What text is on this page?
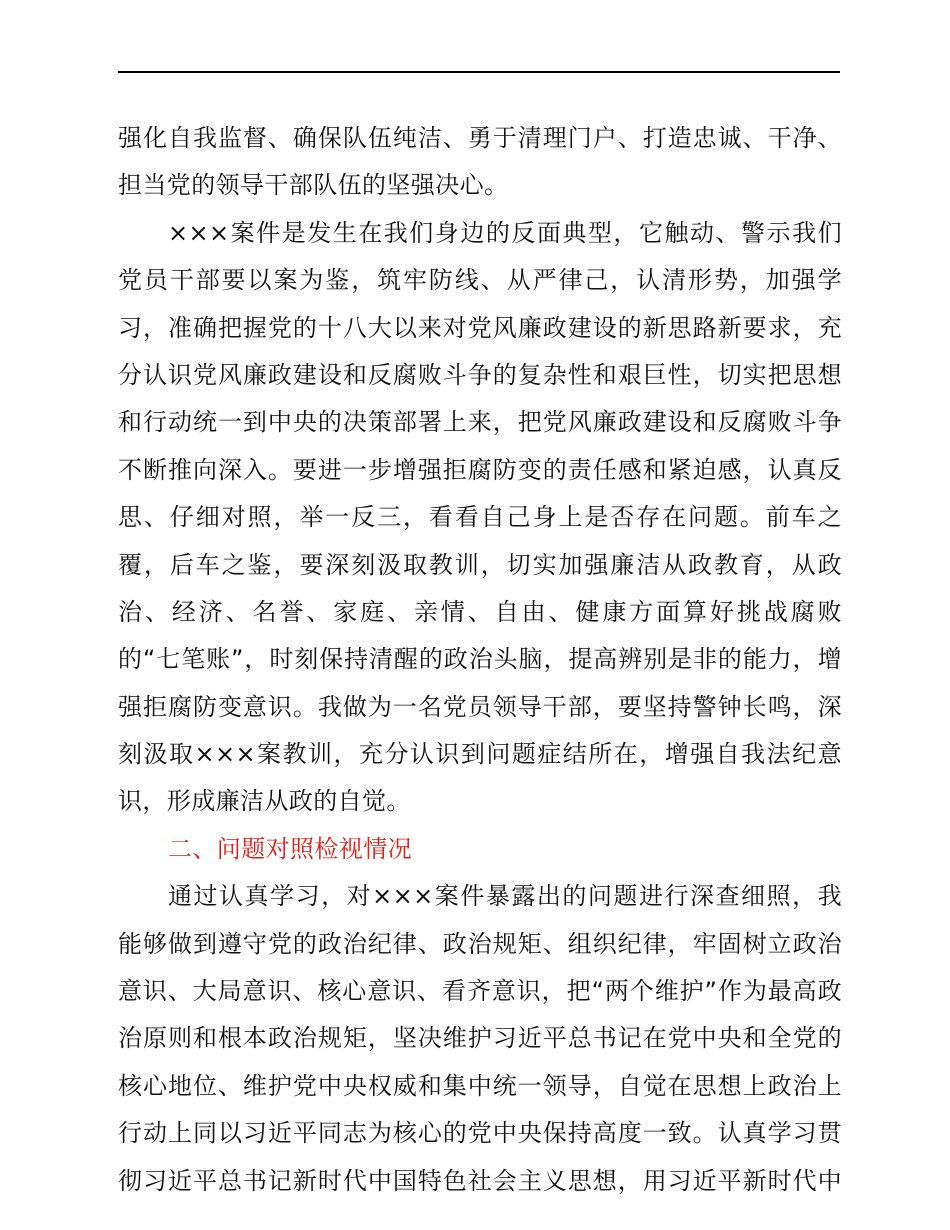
强化自我监督、确保队伍纯洁、勇于清理门户、打造忠诚、干净、
担当党的领导干部队伍的坚强决心。
×××案件是发生在我们身边的反面典型，它触动、警示我们
党员干部要以案为鉴，筑牢防线、从严律己，认清形势，加强学
习，准确把握党的十八大以来对党风廉政建设的新思路新要求，充
分认识党风廉政建设和反腐败斗争的复杂性和艰巨性，切实把思想
和行动统一到中央的决策部署上来，把党风廉政建设和反腐败斗争
不断推向深入。要进一步增强拒腐防变的责任感和紧迫感，认真反
思、仔细对照，举一反三，看看自己身上是否存在问题。前车之
覆，后车之鉴，要深刻汲取教训，切实加强廉洁从政教育，从政
治、经济、名誉、家庭、亲情、自由、健康方面算好挑战腐败
的“七笔账”，时刻保持清醒的政治头脑，提高辨别是非的能力，增
强拒腐防变意识。我做为一名党员领导干部，要坚持警钟长鸣，深
刻汲取×××案教训，充分认识到问题症结所在，增强自我法纪意
识，形成廉洁从政的自觉。
二、问题对照检视情况
通过认真学习，对×××案件暴露出的问题进行深查细照，我
能够做到遵守党的政治纪律、政治规矩、组织纪律，牢固树立政治
意识、大局意识、核心意识、看齐意识，把“两个维护”作为最高政
治原则和根本政治规矩，坚决维护习近平总书记在党中央和全党的
核心地位、维护党中央权威和集中统一领导，自觉在思想上政治上
行动上同以习近平同志为核心的党中央保持高度一致。认真学习贯
彻习近平总书记新时代中国特色社会主义思想，用习近平新时代中
